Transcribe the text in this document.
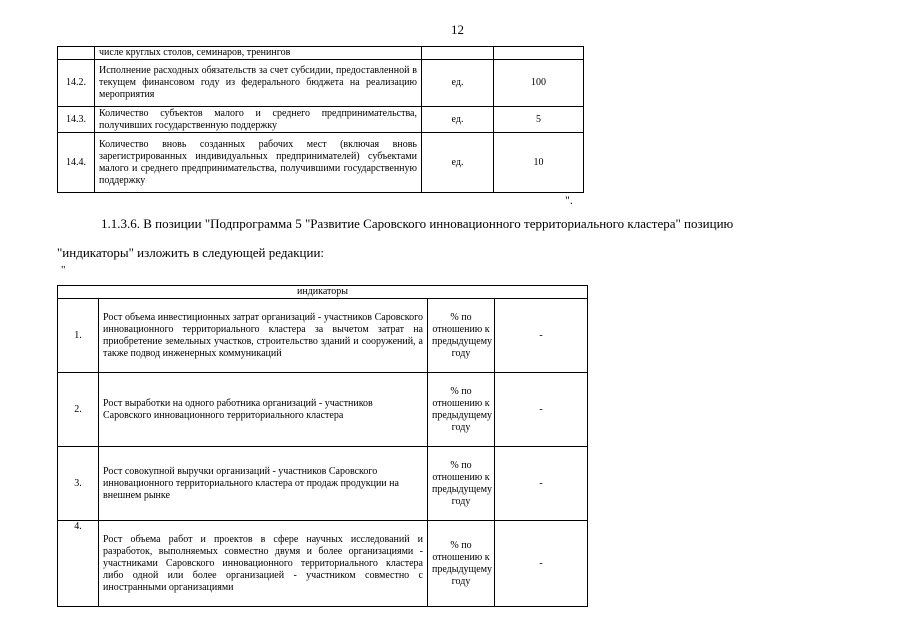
12
	числе круглых столов, семинаров, тренингов		
14.2.	Исполнение расходных обязательств за счет субсидии, предоставленной в текущем финансовом году из федерального бюджета на реализацию мероприятия	ед.	100
14.3.	Количество субъектов малого и среднего предпринимательства, получивших государственную поддержку	ед.	5
14.4.	Количество вновь созданных рабочих мест (включая вновь зарегистрированных индивидуальных предпринимателей) субъектами малого и среднего предпринимательства, получившими государственную поддержку	ед.	10
".
1.1.3.6. В позиции "Подпрограмма 5 "Развитие Саровского инновационного территориального кластера" позицию
"индикаторы" изложить в следующей редакции:
"
индикаторы			
1.	Рост объема инвестиционных затрат организаций - участников Саровского инновационного территориального кластера за вычетом затрат на приобретение земельных участков, строительство зданий и сооружений, а также подвод инженерных коммуникаций	% по отношению к предыдущему году	-
2.	Рост выработки на одного работника организаций - участников Саровского инновационного территориального кластера	% по отношению к предыдущему году	-
3.	Рост совокупной выручки организаций - участников Саровского инновационного территориального кластера от продаж продукции на внешнем рынке	% по отношению к предыдущему году	-
4.	Рост объема работ и проектов в сфере научных исследований и разработок, выполняемых совместно двумя и более организациями - участниками Саровского инновационного территориального кластера либо одной или более организацией - участником совместно с иностранными организациями	% по отношению к предыдущему году	-
